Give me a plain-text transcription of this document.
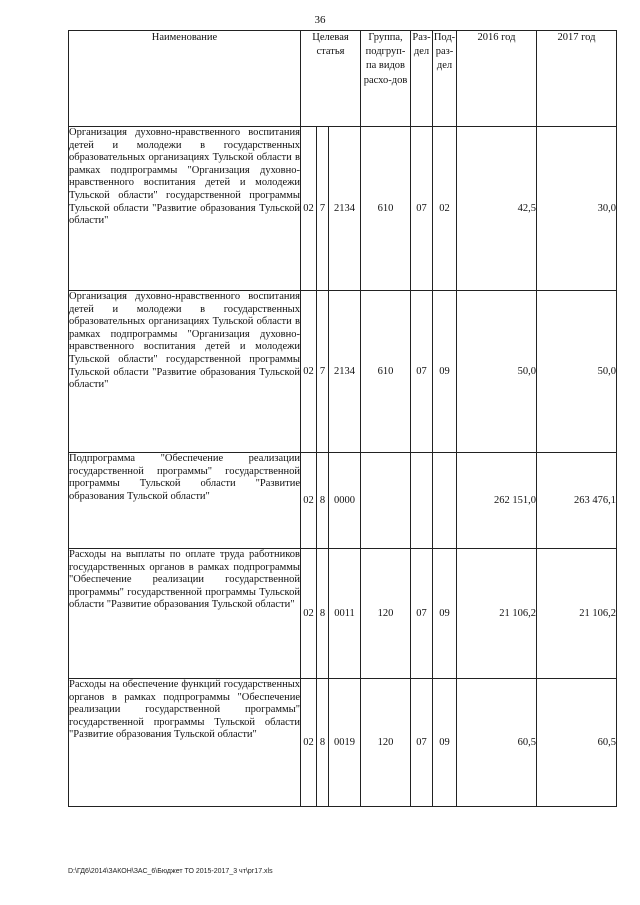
36
Наименование	Целевая статья			Группа, подгруп-па видов расхо-дов	Раз-дел	Под-раз-дел	2016 год	2017 год
Организация духовно-нравственного воспитания детей и молодежи в государственных образовательных организациях Тульской области в рамках подпрограммы "Организация духовно-нравственного воспитания детей и молодежи Тульской области" государственной программы Тульской области "Развитие образования Тульской области"	02	7	2134	610	07	02	42,5	30,0
Организация духовно-нравственного воспитания детей и молодежи в государственных образовательных организациях Тульской области в рамках подпрограммы "Организация духовно-нравственного воспитания детей и молодежи Тульской области" государственной программы Тульской области "Развитие образования Тульской области"	02	7	2134	610	07	09	50,0	50,0
Подпрограмма "Обеспечение реализации государственной программы" государственной программы Тульской области "Развитие образования Тульской области"	02	8	0000				262 151,0	263 476,1
Расходы на выплаты по оплате труда работников государственных органов в рамках подпрограммы "Обеспечение реализации государственной программы" государственной программы Тульской области "Развитие образования Тульской области"	02	8	0011	120	07	09	21 106,2	21 106,2
Расходы на обеспечение функций государственных органов в рамках подпрограммы "Обеспечение реализации государственной программы" государственной программы Тульской области "Развитие образования Тульской области"	02	8	0019	120	07	09	60,5	60,5
D:\ГД6\2014\ЗАКОН\ЗАС_6\Бюджет ТО 2015-2017_3 чт\рг17.xls
